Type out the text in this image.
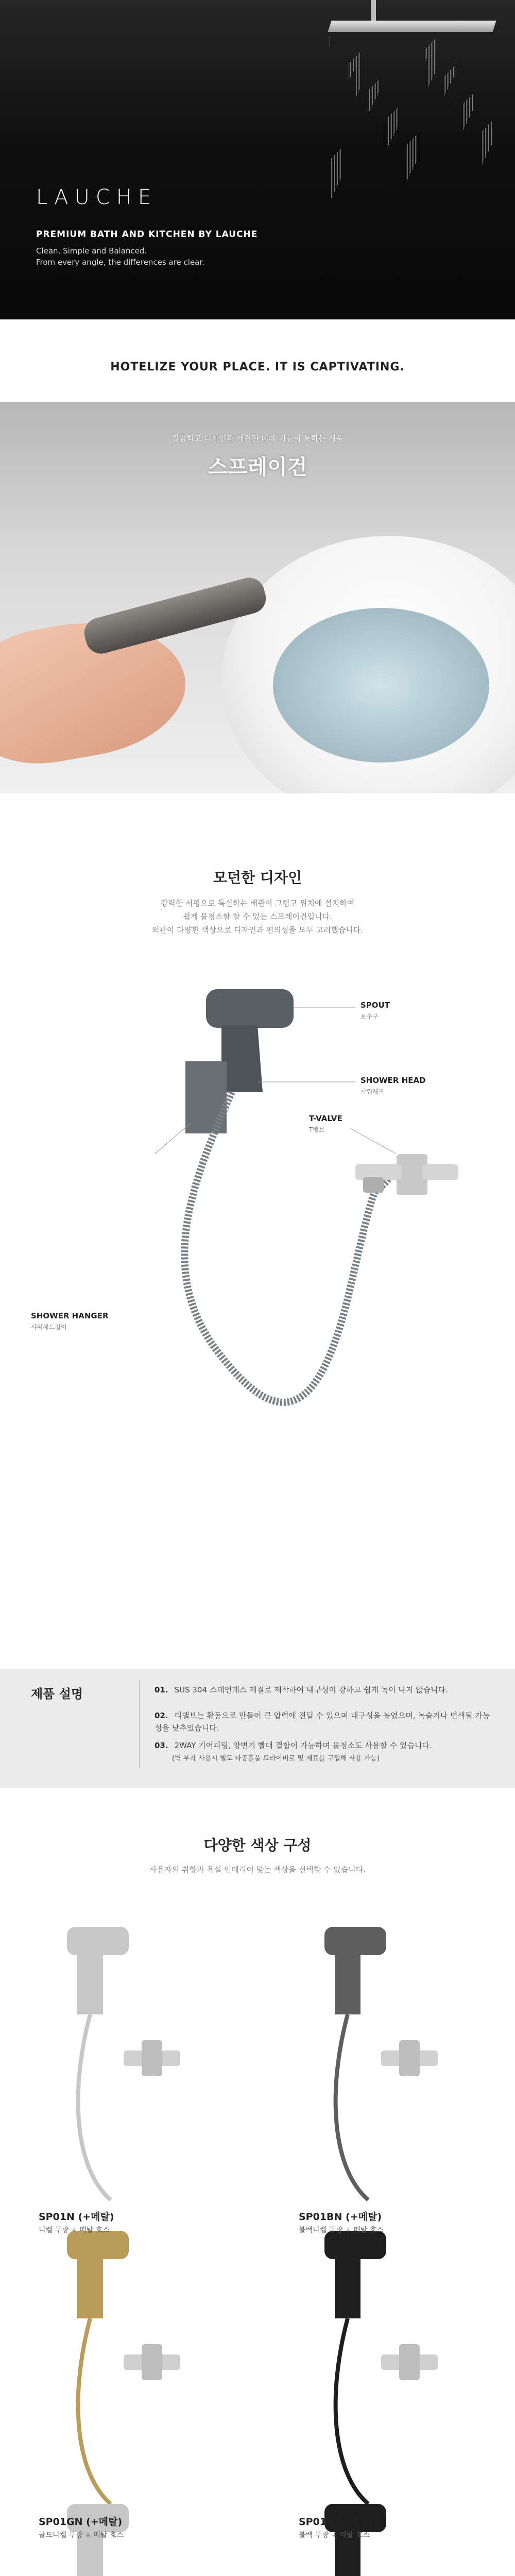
LAUCHE
PREMIUM BATH AND KITCHEN BY LAUCHE
Clean, Simple and Balanced.
From every angle, the differences are clear.
HOTELIZE YOUR PLACE. IT IS CAPTIVATING.
깔끔하고 디자인과 세련된 비데 기능이 통하는 제품
스프레이건
모던한 디자인
강력한 서핑으로 특실하는 배관이 그립고 위치에 설치하여
쉽게 물청소할 할 수 있는 스프레이건입니다.
외관이 다양한 색상으로 디자인과 편의성을 모두 고려했습니다.
SPOUT
토수구
SHOWER HEAD
샤워헤드
SHOWER HANGER
샤워헤드걸이
T-VALVE
T밸브
제품 설명	01. SUS 304 스테인레스 재질로 제작하여 내구성이 강하고 쉽게 녹이 나지 않습니다.
02. 티밸브는 황동으로 만들어 큰 압력에 견딜 수 있으며 내구성을 높였으며, 녹슬거나 변색될 가능성을 낮추었습니다.
03. 2WAY 기어피팅, 양변기 빨대 결합이 가능하며 물청소도 사용할 수 있습니다.
(벽 부착 사용시 별도 타공홀을 드라이버로 및 재료를 구입해 사용 가능)
다양한 색상 구성
사용자의 취향과 욕실 인테리어 맞는 색상을 선택할 수 있습니다.
SP01N (+메탈)
니켈 무광 + 메탈 호스
SP01BN (+메탈)
블랙니켈 무광 + 메탈 호스
SP01GN (+메탈)
골드니켈 무광 + 메탈 호스
SP01B (+메탈)
블랙 무광 + 메탈 호스
